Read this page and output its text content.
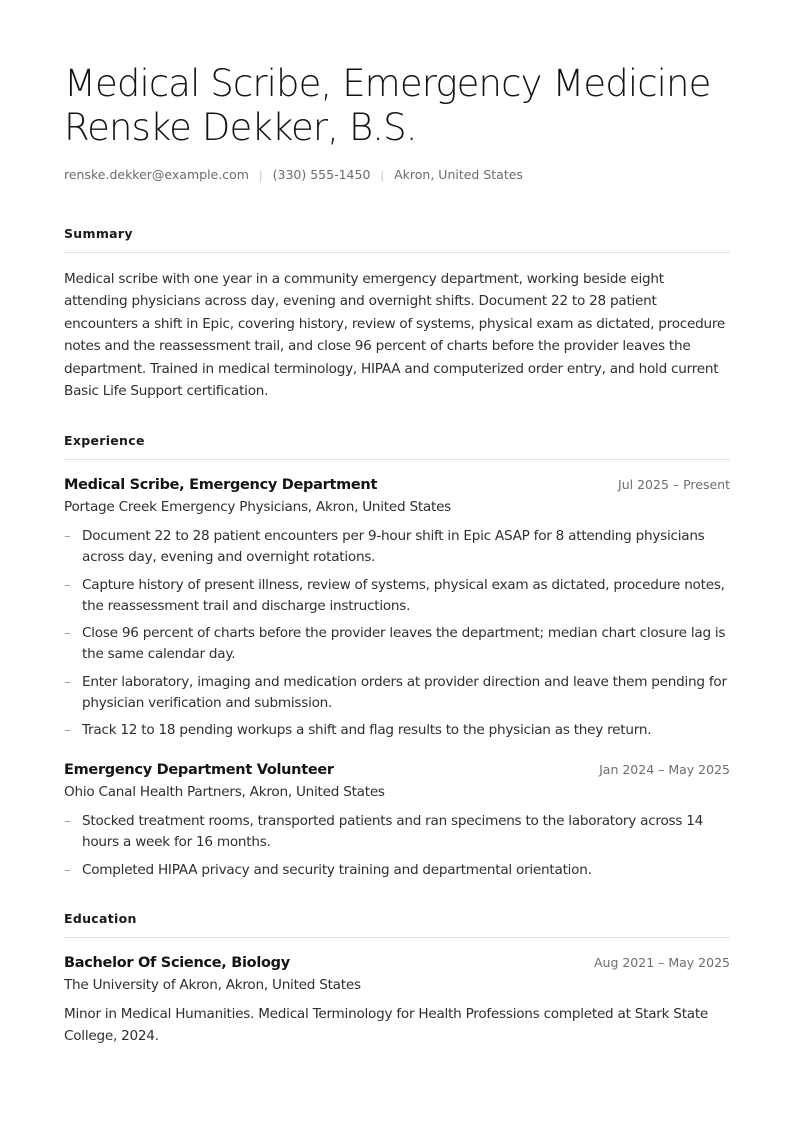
Medical Scribe, Emergency Medicine Renske Dekker, B.S.
renske.dekker@example.com | (330) 555-1450 | Akron, United States
Summary

Medical scribe with one year in a community emergency department, working beside eight attending physicians across day, evening and overnight shifts. Document 22 to 28 patient encounters a shift in Epic, covering history, review of systems, physical exam as dictated, procedure notes and the reassessment trail, and close 96 percent of charts before the provider leaves the department. Trained in medical terminology, HIPAA and computerized order entry, and hold current Basic Life Support certification.

Experience
Medical Scribe, Emergency Department	Jul 2025 – Present
Portage Creek Emergency Physicians, Akron, United States
– Document 22 to 28 patient encounters per 9-hour shift in Epic ASAP for 8 attending physicians across day, evening and overnight rotations.
– Capture history of present illness, review of systems, physical exam as dictated, procedure notes, the reassessment trail and discharge instructions.
– Close 96 percent of charts before the provider leaves the department; median chart closure lag is the same calendar day.
– Enter laboratory, imaging and medication orders at provider direction and leave them pending for physician verification and submission.
– Track 12 to 18 pending workups a shift and flag results to the physician as they return.
Emergency Department Volunteer	Jan 2024 – May 2025
Ohio Canal Health Partners, Akron, United States
– Stocked treatment rooms, transported patients and ran specimens to the laboratory across 14 hours a week for 16 months.
– Completed HIPAA privacy and security training and departmental orientation.
Education
Bachelor Of Science, Biology	Aug 2021 – May 2025
The University of Akron, Akron, United States

Minor in Medical Humanities. Medical Terminology for Health Professions completed at Stark State College, 2024.
